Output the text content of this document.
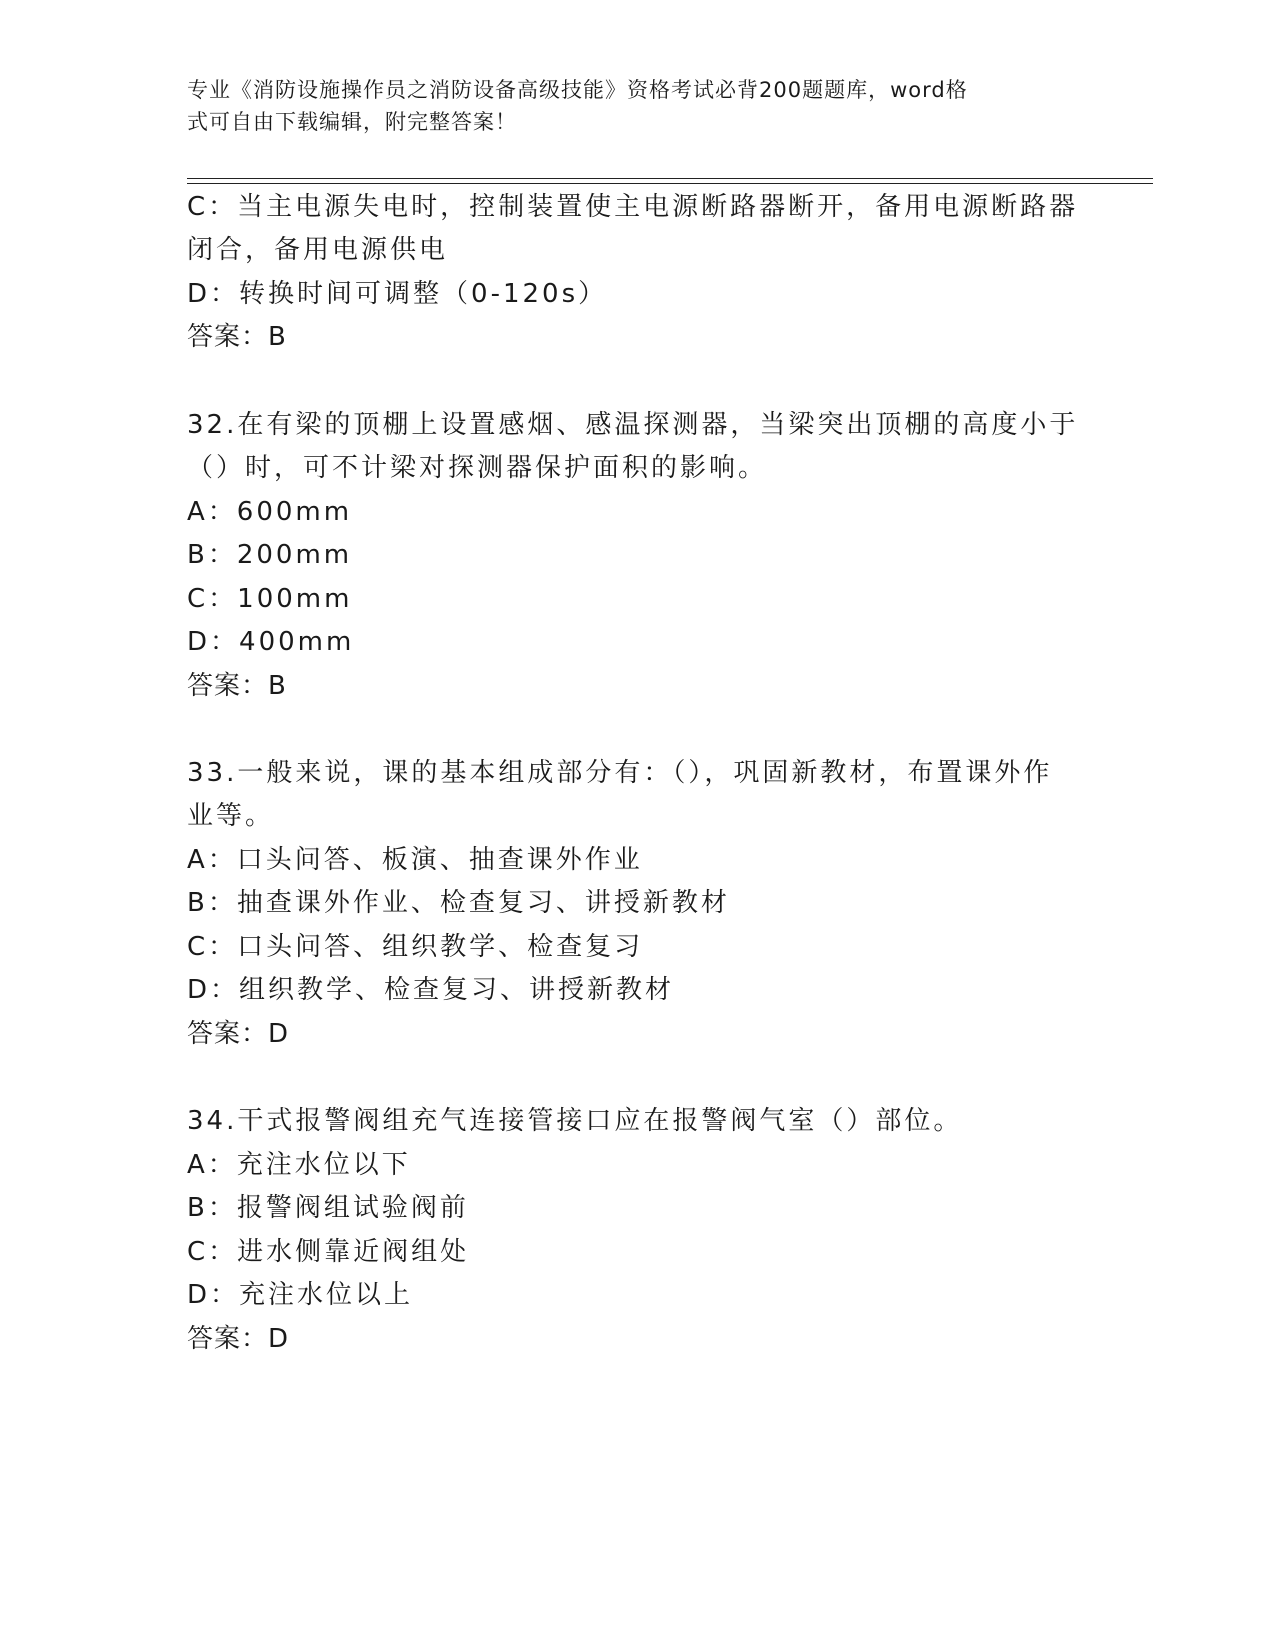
专业《消防设施操作员之消防设备高级技能》资格考试必背200题题库，word格
式可自由下载编辑，附完整答案！
C：当主电源失电时，控制装置使主电源断路器断开，备用电源断路器
闭合，备用电源供电
D：转换时间可调整（0-120s）
答案：B
32.在有梁的顶棚上设置感烟、感温探测器，当梁突出顶棚的高度小于
（）时，可不计梁对探测器保护面积的影响。
A：600mm
B：200mm
C：100mm
D：400mm
答案：B
33.一般来说，课的基本组成部分有：（），巩固新教材，布置课外作
业等。
A：口头问答、板演、抽查课外作业
B：抽查课外作业、检查复习、讲授新教材
C：口头问答、组织教学、检查复习
D：组织教学、检查复习、讲授新教材
答案：D
34.干式报警阀组充气连接管接口应在报警阀气室（）部位。
A：充注水位以下
B：报警阀组试验阀前
C：进水侧靠近阀组处
D：充注水位以上
答案：D
